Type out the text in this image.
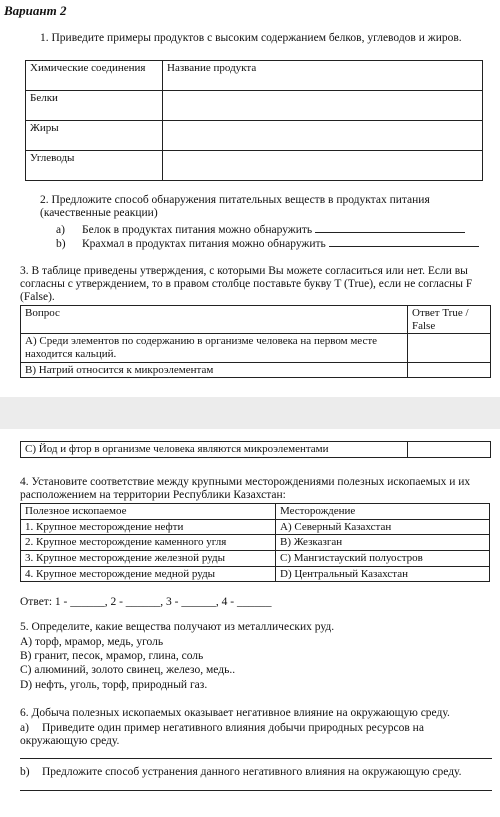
Вариант 2
1. Приведите примеры продуктов с высоким содержанием белков, углеводов и жиров.
Химические соединения	Название продукта
Белки	
Жиры	
Углеводы	
2. Предложите способ обнаружения питательных веществ в продуктах питания (качественные реакции)
a) Белок в продуктах питания можно обнаружить
b) Крахмал в продуктах питания можно обнаружить
3. В таблице приведены утверждения, с которыми Вы можете согласиться или нет. Если вы согласны с утверждением, то в правом столбце поставьте букву T (True), если не согласны F (False).
Вопрос	Ответ True / False
А) Среди элементов по содержанию в организме человека на первом месте находится кальций.	
В) Натрий относится к микроэлементам	
С) Йод и фтор в организме человека являются микроэлементами	
4. Установите соответствие между крупными месторождениями полезных ископаемых и их расположением на территории Республики Казахстан:
Полезное ископаемое	Месторождение
1. Крупное месторождение нефти	А) Северный Казахстан
2. Крупное месторождение каменного угля	В) Жезказган
3. Крупное месторождение железной руды	С) Мангистауский полуостров
4. Крупное месторождение медной руды	D) Центральный Казахстан
Ответ: 1 - ______, 2 - ______, 3 - ______, 4 - ______
5. Определите, какие вещества получают из металлических руд.
А) торф, мрамор, медь, уголь
В) гранит, песок, мрамор, глина, соль
С) алюминий, золото свинец, железо, медь..
D) нефть, уголь, торф, природный газ.
6. Добыча полезных ископаемых оказывает негативное влияние на окружающую среду.
a) Приведите один пример негативного влияния добычи природных ресурсов на окружающую среду.
b) Предложите способ устранения данного негативного влияния на окружающую среду.
